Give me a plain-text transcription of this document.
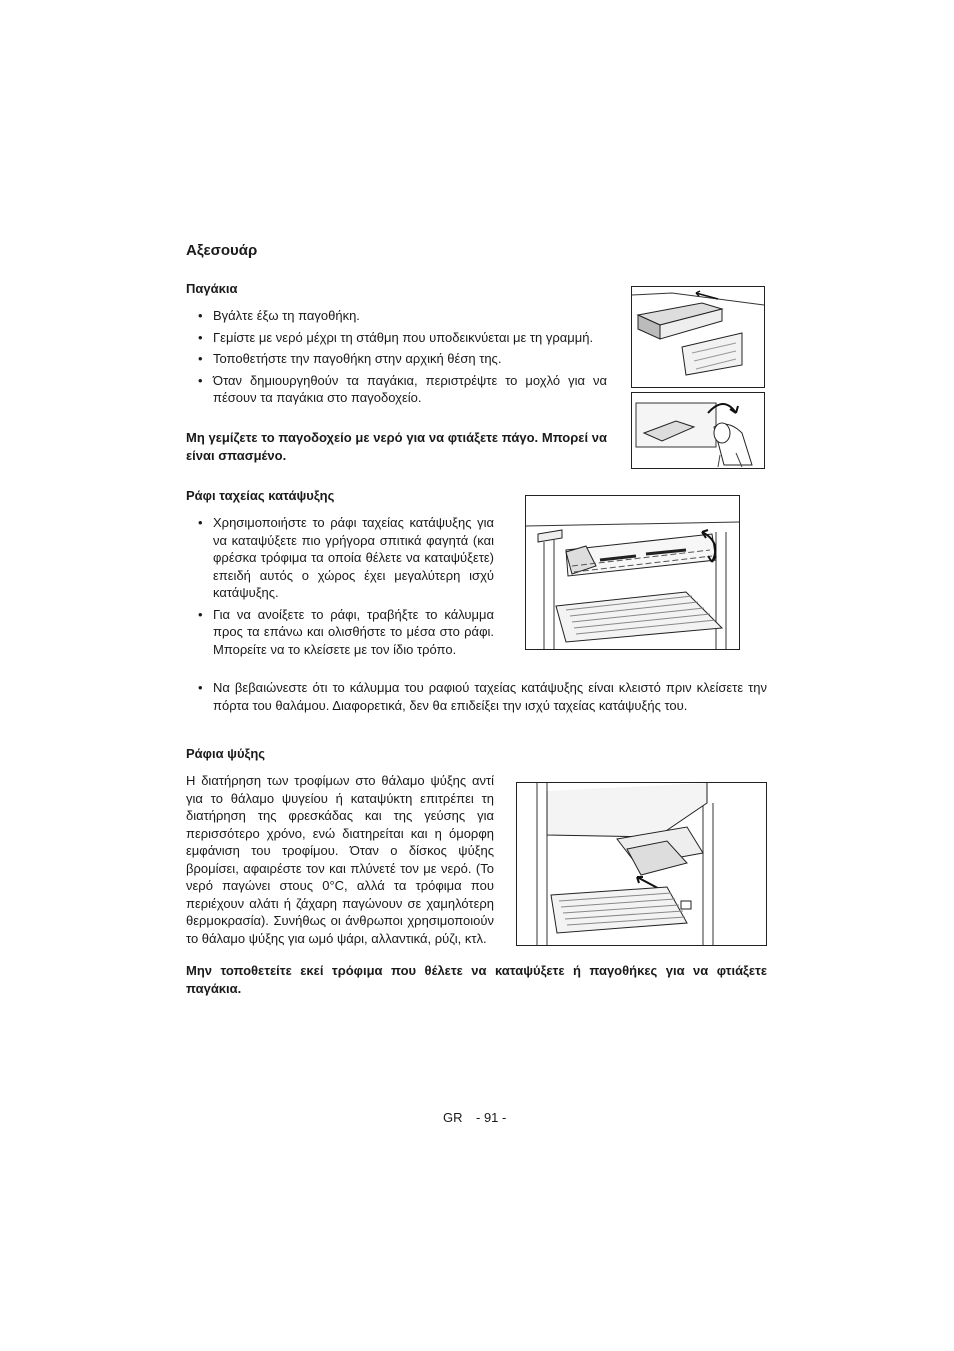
Αξεσουάρ
Παγάκια
• Βγάλτε έξω τη παγοθήκη.
• Γεμίστε με νερό μέχρι τη στάθμη που υποδεικνύεται με τη γραμμή.
• Τοποθετήστε την παγοθήκη στην αρχική θέση της.
• Όταν δημιουργηθούν τα παγάκια, περιστρέψτε το μοχλό για να πέσουν τα παγάκια στο παγοδοχείο.
Μη γεμίζετε το παγοδοχείο με νερό για να φτιάξετε πάγο. Μπορεί να είναι σπασμένο.
Ράφι ταχείας κατάψυξης
• Χρησιμοποιήστε το ράφι ταχείας κατάψυξης για να καταψύξετε πιο γρήγορα σπιτικά φαγητά (και φρέσκα τρόφιμα τα οποία θέλετε να καταψύξετε) επειδή αυτός ο χώρος έχει μεγαλύτερη ισχύ κατάψυξης.
• Για να ανοίξετε το ράφι, τραβήξτε το κάλυμμα προς τα επάνω και ολισθήστε το μέσα στο ράφι. Μπορείτε να το κλείσετε με τον ίδιο τρόπο.
• Να βεβαιώνεστε ότι το κάλυμμα του ραφιού ταχείας κατάψυξης είναι κλειστό πριν κλείσετε την πόρτα του θαλάμου. Διαφορετικά, δεν θα επιδείξει την ισχύ ταχείας κατάψυξής του.
Ράφια ψύξης
Η διατήρηση των τροφίμων στο θάλαμο ψύξης αντί για το θάλαμο ψυγείου ή καταψύκτη επιτρέπει τη διατήρηση της φρεσκάδας και της γεύσης για περισσότερο χρόνο, ενώ διατηρείται και η όμορφη εμφάνιση του τροφίμου. Όταν ο δίσκος ψύξης βρομίσει, αφαιρέστε τον και πλύνετέ τον με νερό. (Το νερό παγώνει στους 0°C, αλλά τα τρόφιμα που περιέχουν αλάτι ή ζάχαρη παγώνουν σε χαμηλότερη θερμοκρασία). Συνήθως οι άνθρωποι χρησιμοποιούν το θάλαμο ψύξης για ωμό ψάρι, αλλαντικά, ρύζι, κτλ.
Μην τοποθετείτε εκεί τρόφιμα που θέλετε να καταψύξετε ή παγοθήκες για να φτιάξετε παγάκια.
GR - 91 -
